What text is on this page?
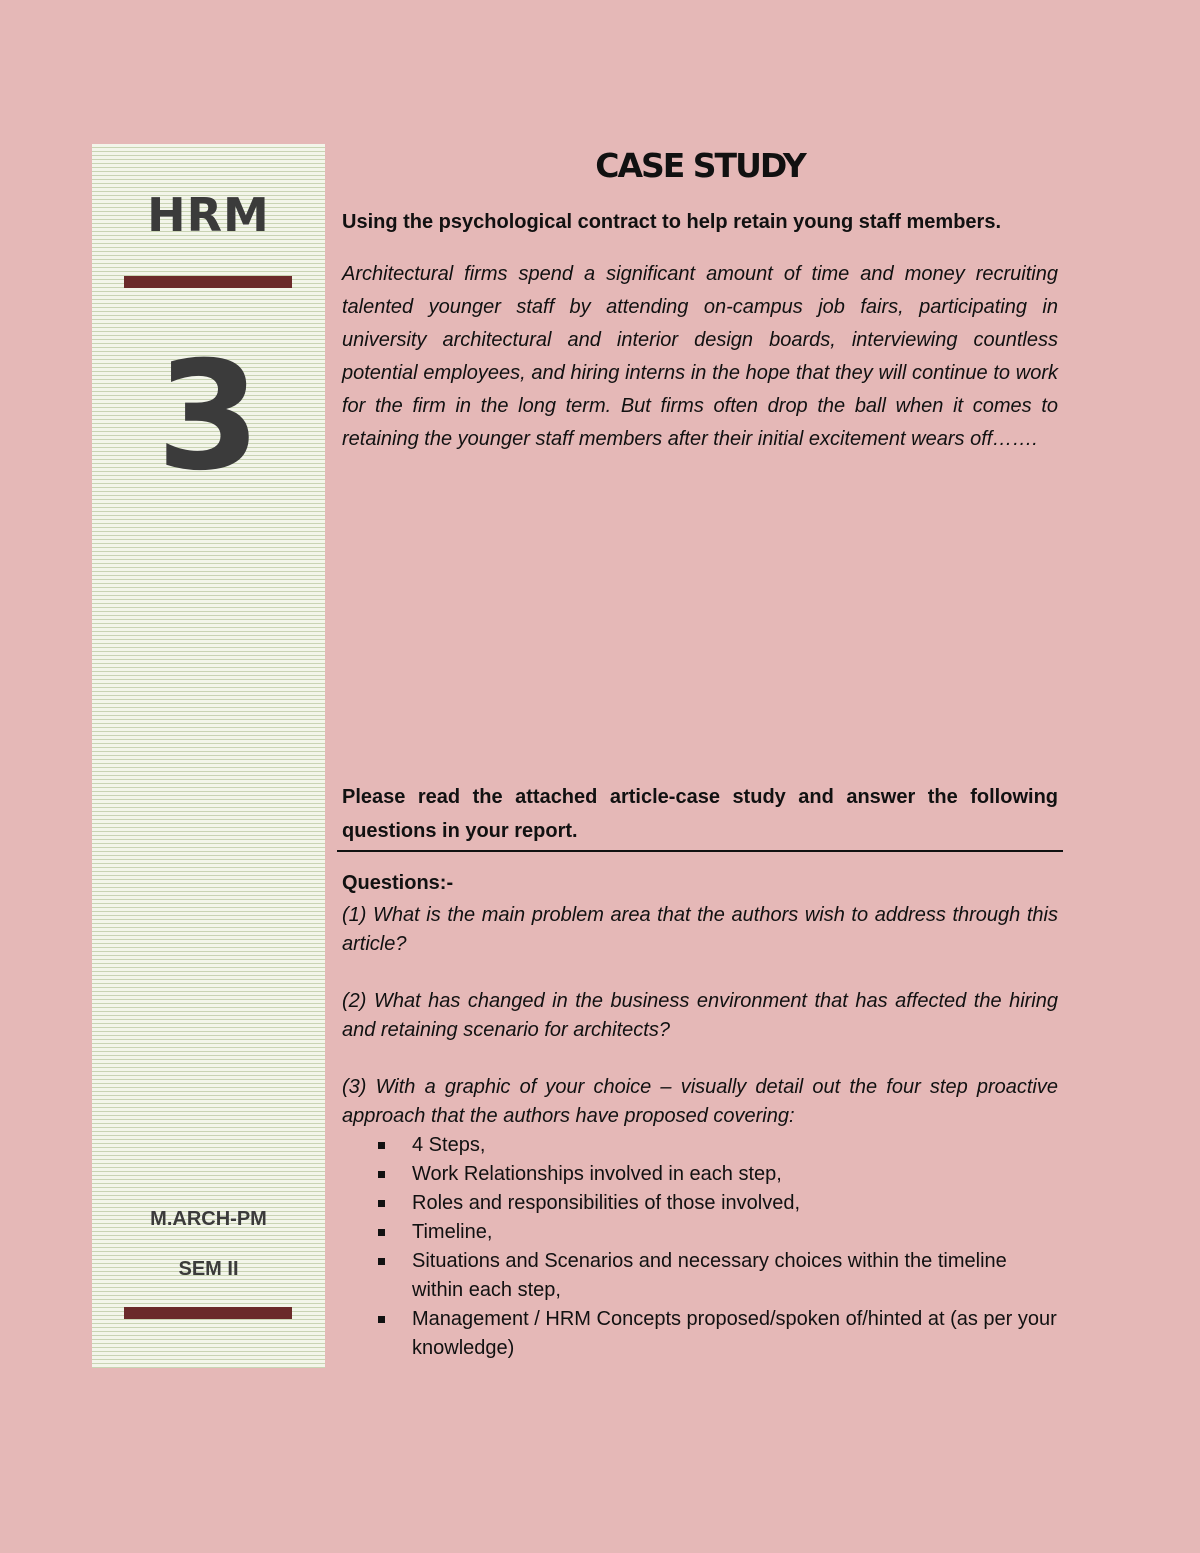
HRM
3
M.ARCH-PM
SEM II
CASE STUDY

Using the psychological contract to help retain young staff members.

Architectural firms spend a significant amount of time and money recruiting talented younger staff by attending on-campus job fairs, participating in university architectural and interior design boards, interviewing countless potential employees, and hiring interns in the hope that they will continue to work for the firm in the long term. But firms often drop the ball when it comes to retaining the younger staff members after their initial excitement wears off…….

Please read the attached article-case study and answer the following questions in your report.

Questions:-

(1) What is the main problem area that the authors wish to address through this article?

(2) What has changed in the business environment that has affected the hiring and retaining scenario for architects?

(3) With a graphic of your choice – visually detail out the four step proactive approach that the authors have proposed covering:

4 Steps,
Work Relationships involved in each step,
Roles and responsibilities of those involved,
Timeline,
Situations and Scenarios and necessary choices within the timeline within each step,
Management / HRM Concepts proposed/spoken of/hinted at (as per your knowledge)
